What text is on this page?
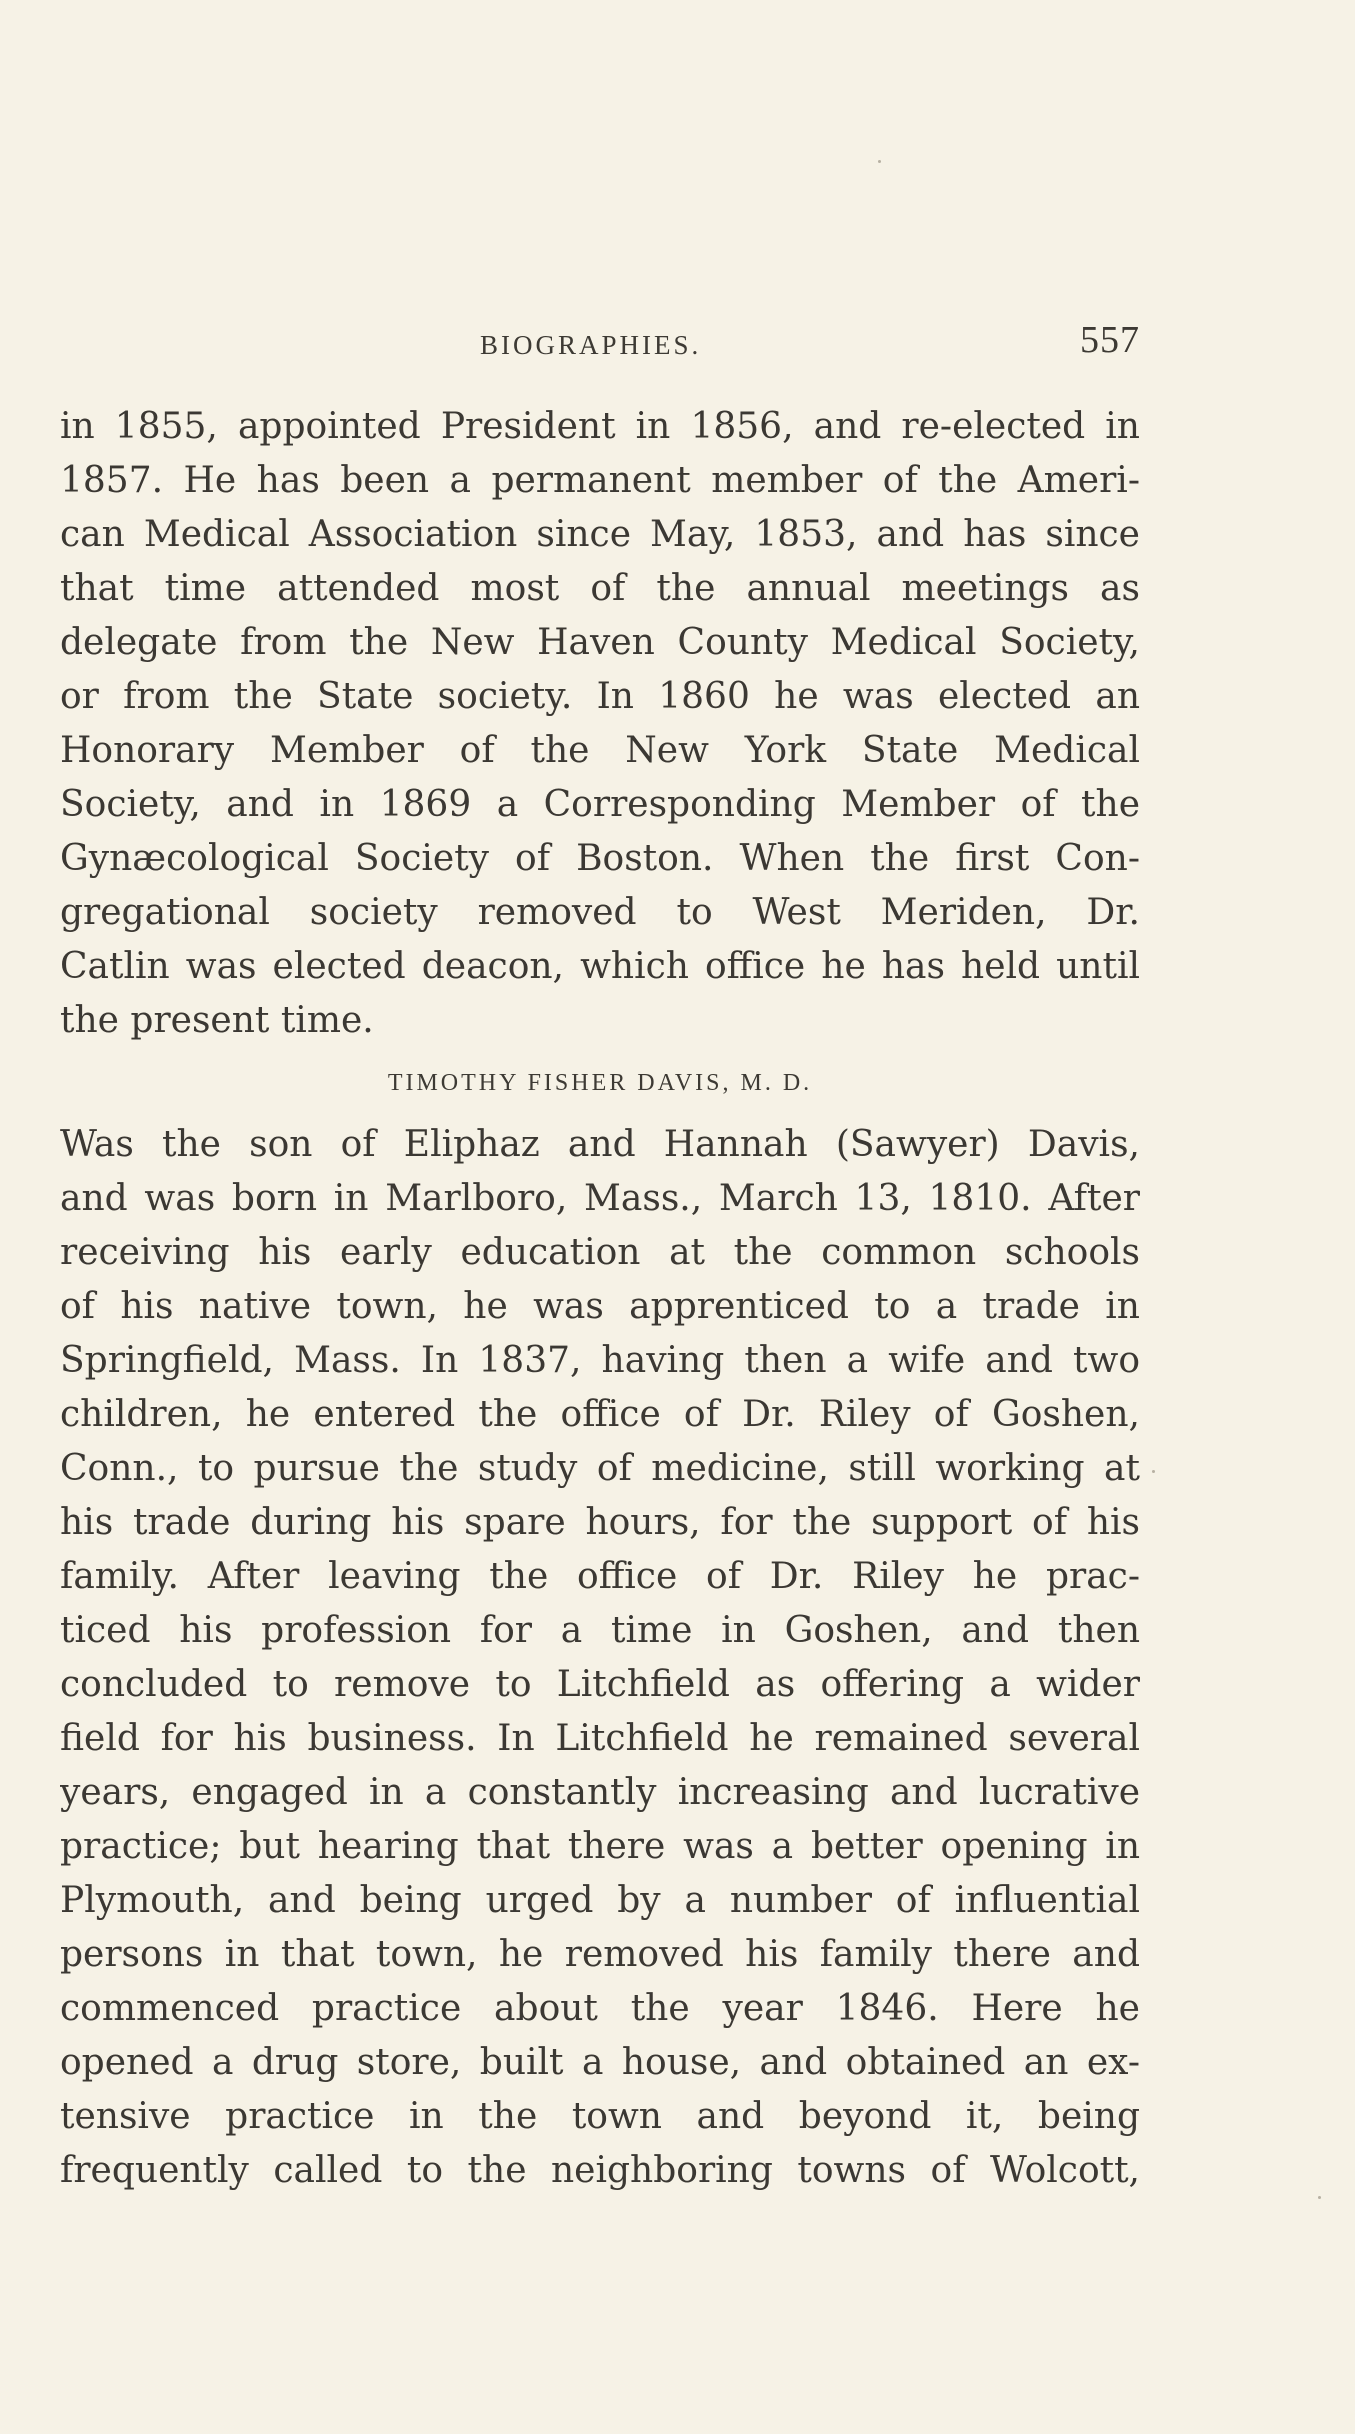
BIOGRAPHIES.	557
in 1855, appointed President in 1856, and re-elected in
1857. He has been a permanent member of the Ameri-
can Medical Association since May, 1853, and has since
that time attended most of the annual meetings as
delegate from the New Haven County Medical Society,
or from the State society. In 1860 he was elected an
Honorary Member of the New York State Medical
Society, and in 1869 a Corresponding Member of the
Gynæcological Society of Boston. When the first Con-
gregational society removed to West Meriden, Dr.
Catlin was elected deacon, which office he has held until
the present time.
TIMOTHY FISHER DAVIS, M. D.
Was the son of Eliphaz and Hannah (Sawyer) Davis,
and was born in Marlboro, Mass., March 13, 1810. After
receiving his early education at the common schools
of his native town, he was apprenticed to a trade in
Springfield, Mass. In 1837, having then a wife and two
children, he entered the office of Dr. Riley of Goshen,
Conn., to pursue the study of medicine, still working at
his trade during his spare hours, for the support of his
family. After leaving the office of Dr. Riley he prac-
ticed his profession for a time in Goshen, and then
concluded to remove to Litchfield as offering a wider
field for his business. In Litchfield he remained several
years, engaged in a constantly increasing and lucrative
practice; but hearing that there was a better opening in
Plymouth, and being urged by a number of influential
persons in that town, he removed his family there and
commenced practice about the year 1846. Here he
opened a drug store, built a house, and obtained an ex-
tensive practice in the town and beyond it, being
frequently called to the neighboring towns of Wolcott,
